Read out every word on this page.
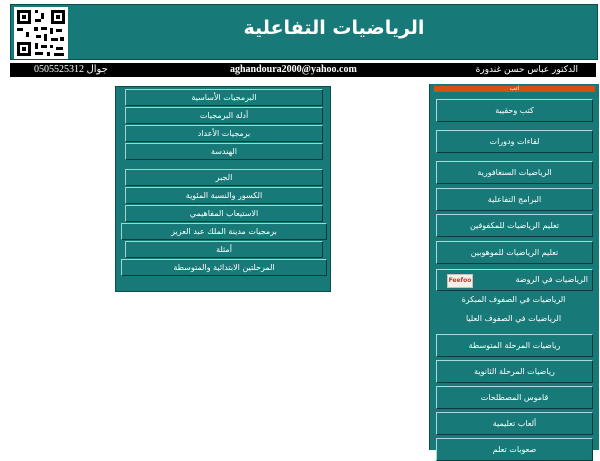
الرياضيات التفاعلية
0505525312 جوال	aghandoura2000@yahoo.com	الدكتور عباس حسن غندورة
البرمجيات الأساسية
أدلة البرمجيات
برمجيات الأعداد
الهندسة
الجبر
الكسور والنسبة المئوية
الاستيعاب المفاهيمي
برمجيات مدينة الملك عبد العزيز
أمثلة
المرحلتين الابتدائية والمتوسطة
اتب
كتب وحقيبة
لقاءات ودورات
الرياضيات السنغافورية
البرامج التفاعلية
تعليم الرياضيات للمكفوفين
تعليم الرياضيات للموهوبين
Feefoo	الرياضيات في الروضة
الرياضيات في الصفوف المبكرة
الرياضيات في الصفوف العليا
رياضيات المرحلة المتوسطة
رياضيات المرحلة الثانوية
قاموس المصطلحات
ألعاب تعليمية
صعوبات تعلم
